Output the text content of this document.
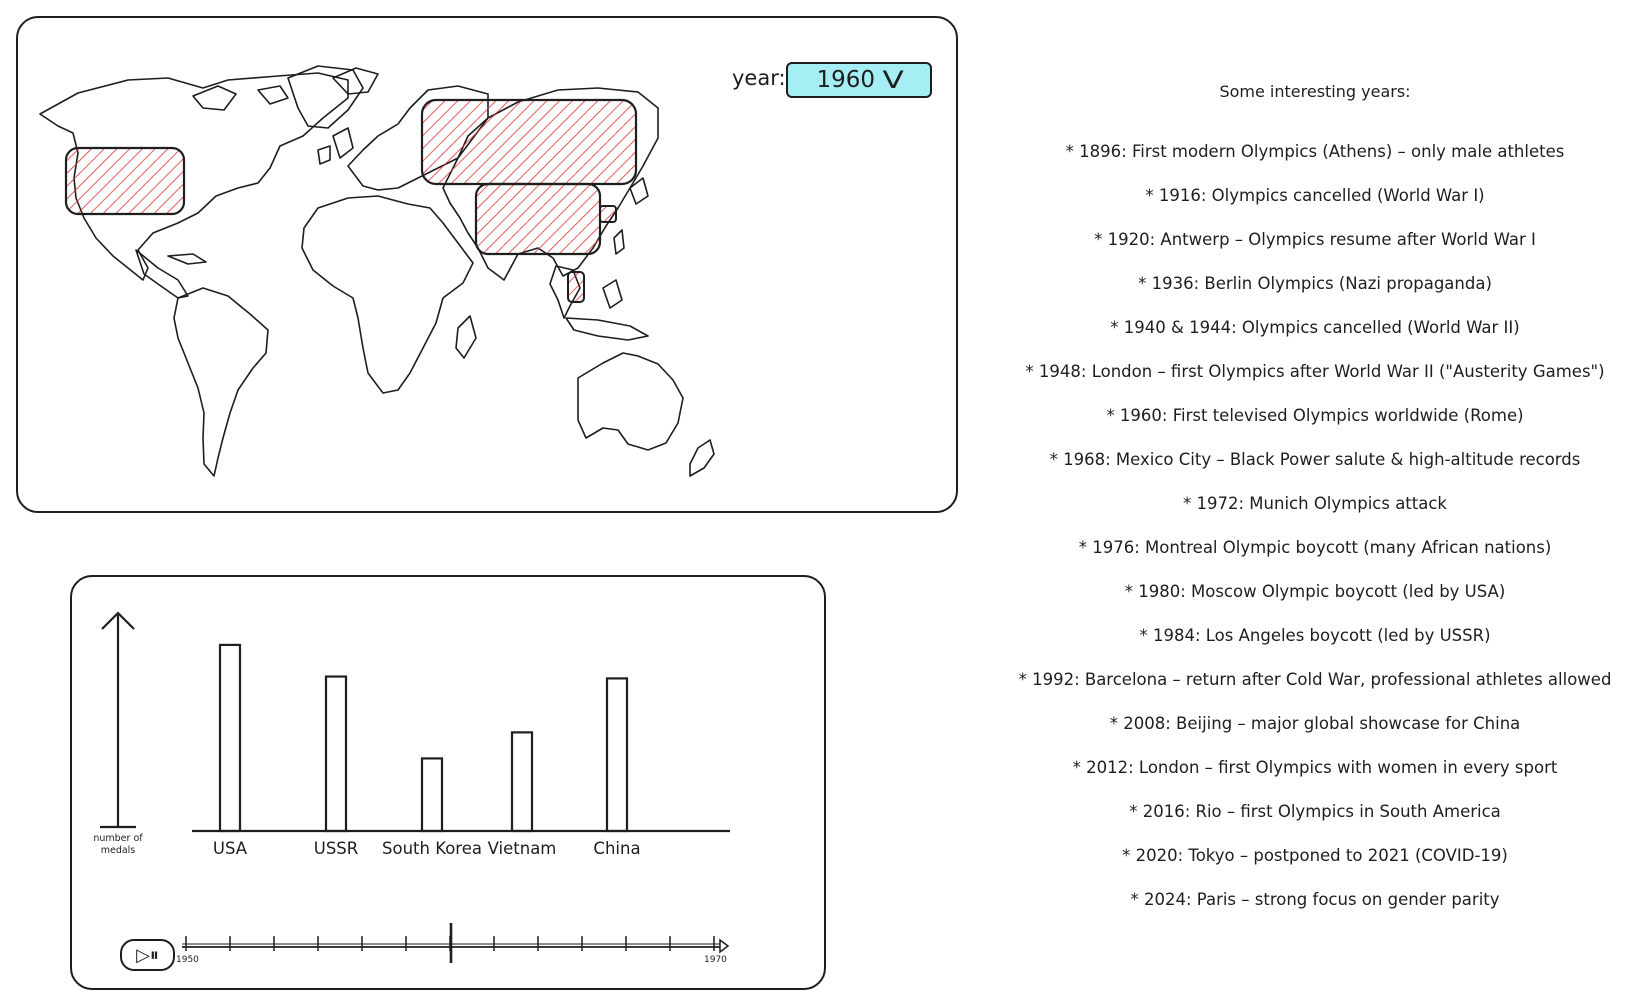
year: 1960 V	Some interesting years:
* 1896: First modern Olympics (Athens) – only male athletes
* 1916: Olympics cancelled (World War I)
* 1920: Antwerp – Olympics resume after World War I
* 1936: Berlin Olympics (Nazi propaganda)
* 1940 & 1944: Olympics cancelled (World War II)
* 1948: London – first Olympics after World War II ("Austerity Games")
* 1960: First televised Olympics worldwide (Rome)
* 1968: Mexico City – Black Power salute & high-altitude records
* 1972: Munich Olympics attack
* 1976: Montreal Olympic boycott (many African nations)
* 1980: Moscow Olympic boycott (led by USA)
* 1984: Los Angeles boycott (led by USSR)
* 1992: Barcelona – return after Cold War, professional athletes allowed
* 2008: Beijing – major global showcase for China
* 2012: London – first Olympics with women in every sport
* 2016: Rio – first Olympics in South America
* 2020: Tokyo – postponed to 2021 (COVID-19)
* 2024: Paris – strong focus on gender parity
number of medals	USA	USSR	South Korea Vietnam	China
▷⏸ 1950	1970
